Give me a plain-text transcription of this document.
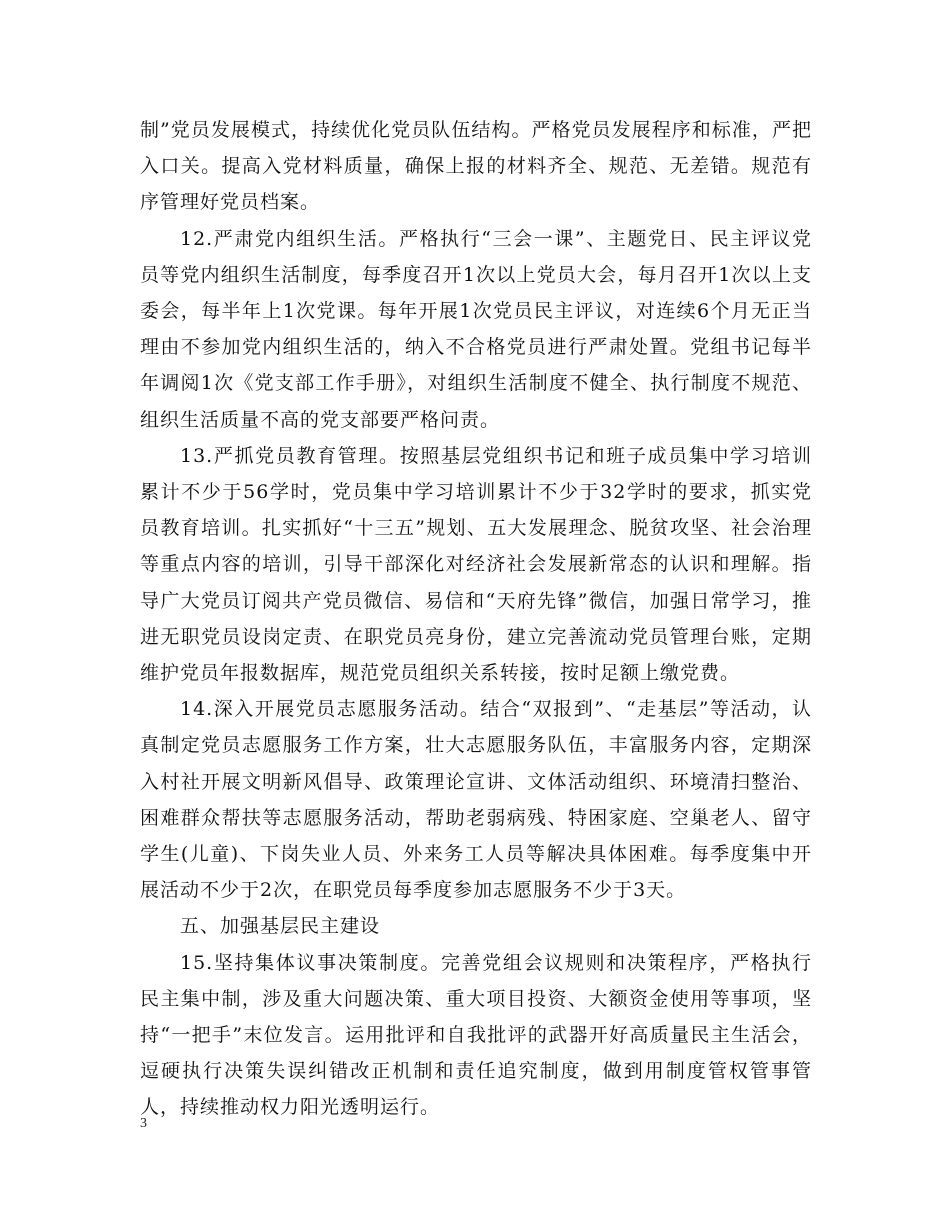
制”党员发展模式，持续优化党员队伍结构。严格党员发展程序和标准，严把入口关。提高入党材料质量，确保上报的材料齐全、规范、无差错。规范有序管理好党员档案。

12.严肃党内组织生活。严格执行“三会一课”、主题党日、民主评议党员等党内组织生活制度，每季度召开1次以上党员大会，每月召开1次以上支委会，每半年上1次党课。每年开展1次党员民主评议，对连续6个月无正当理由不参加党内组织生活的，纳入不合格党员进行严肃处置。党组书记每半年调阅1次《党支部工作手册》，对组织生活制度不健全、执行制度不规范、组织生活质量不高的党支部要严格问责。

13.严抓党员教育管理。按照基层党组织书记和班子成员集中学习培训累计不少于56学时，党员集中学习培训累计不少于32学时的要求，抓实党员教育培训。扎实抓好“十三五”规划、五大发展理念、脱贫攻坚、社会治理等重点内容的培训，引导干部深化对经济社会发展新常态的认识和理解。指导广大党员订阅共产党员微信、易信和“天府先锋”微信，加强日常学习，推进无职党员设岗定责、在职党员亮身份，建立完善流动党员管理台账，定期维护党员年报数据库，规范党员组织关系转接，按时足额上缴党费。

14.深入开展党员志愿服务活动。结合“双报到”、“走基层”等活动，认真制定党员志愿服务工作方案，壮大志愿服务队伍，丰富服务内容，定期深入村社开展文明新风倡导、政策理论宣讲、文体活动组织、环境清扫整治、困难群众帮扶等志愿服务活动，帮助老弱病残、特困家庭、空巢老人、留守学生(儿童)、下岗失业人员、外来务工人员等解决具体困难。每季度集中开展活动不少于2次，在职党员每季度参加志愿服务不少于3天。

五、加强基层民主建设

15.坚持集体议事决策制度。完善党组会议规则和决策程序，严格执行民主集中制，涉及重大问题决策、重大项目投资、大额资金使用等事项，坚持“一把手”末位发言。运用批评和自我批评的武器开好高质量民主生活会，逗硬执行决策失误纠错改正机制和责任追究制度，做到用制度管权管事管人，持续推动权力阳光透明运行。

3
